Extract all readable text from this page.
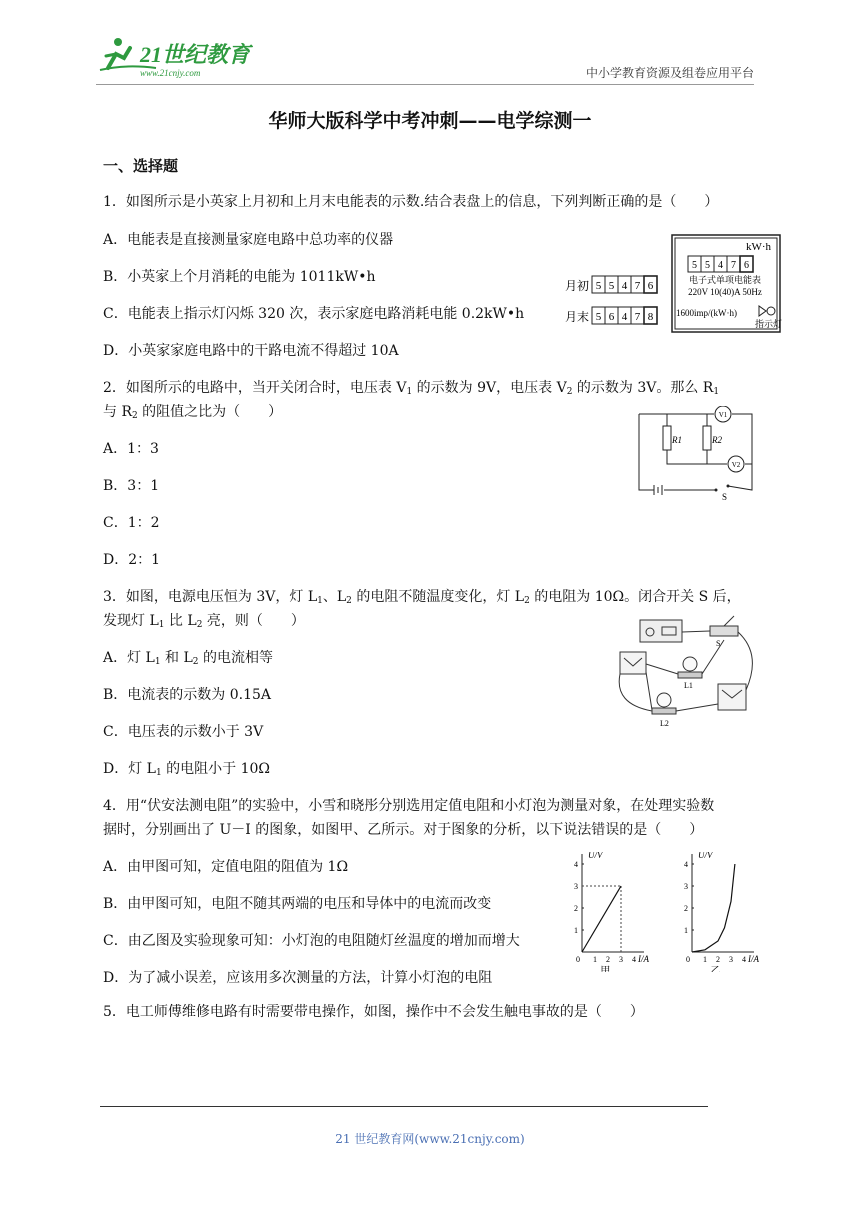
21世纪教育
www.21cnjy.com	中小学教育资源及组卷应用平台
华师大版科学中考冲刺——电学综测一
一、选择题
1．如图所示是小英家上月初和上月末电能表的示数.结合表盘上的信息，下列判断正确的是（　　）
A．电能表是直接测量家庭电路中总功率的仪器
B．小英家上个月消耗的电能为 1011kW•h
C．电能表上指示灯闪烁 320 次，表示家庭电路消耗电能 0.2kW•h
D．小英家家庭电路中的干路电流不得超过 10A
月初
月末
5 5 4 7 6
5 6 4 7 8
kW·h
5 5 4 7 6
电子式单项电能表
220V 10(40)A 50Hz
1600imp/(kW·h)
指示灯
2．如图所示的电路中，当开关闭合时，电压表 $V_1$ 的示数为 9V，电压表 $V_2$ 的示数为 3V。那么 $R_1$
与 $R_2$ 的阻值之比为（　　）
A．1：3
B．3：1
C．1：2
D．2：1
R1	R2
V1
V2
S
3．如图，电源电压恒为 3V，灯 $L_1$、$L_2$ 的电阻不随温度变化，灯 $L_2$ 的电阻为 10Ω。闭合开关 S 后，
发现灯 $L_1$ 比 $L_2$ 亮，则（　　）
A．灯 $L_1$ 和 $L_2$ 的电流相等
B．电流表的示数为 0.15A
C．电压表的示数小于 3V
D．灯 $L_1$ 的电阻小于 10Ω
S
L1
L2
4．用“伏安法测电阻”的实验中，小雪和晓彤分别选用定值电阻和小灯泡为测量对象，在处理实验数
据时，分别画出了 U－I 的图象，如图甲、乙所示。对于图象的分析，以下说法错误的是（　　）
A．由甲图可知，定值电阻的阻值为 1Ω
B．由甲图可知，电阻不随其两端的电压和导体中的电流而改变
C．由乙图及实验现象可知：小灯泡的电阻随灯丝温度的增加而增大
D．为了减小误差，应该用多次测量的方法，计算小灯泡的电阻
U/V
I/A
1
2
3
4
0 1 2 3 4
甲
U/V
I/A
1
2
3
4
0 1 2 3 4
乙
5．电工师傅维修电路有时需要带电操作，如图，操作中不会发生触电事故的是（　　）
21 世纪教育网(www.21cnjy.com)
